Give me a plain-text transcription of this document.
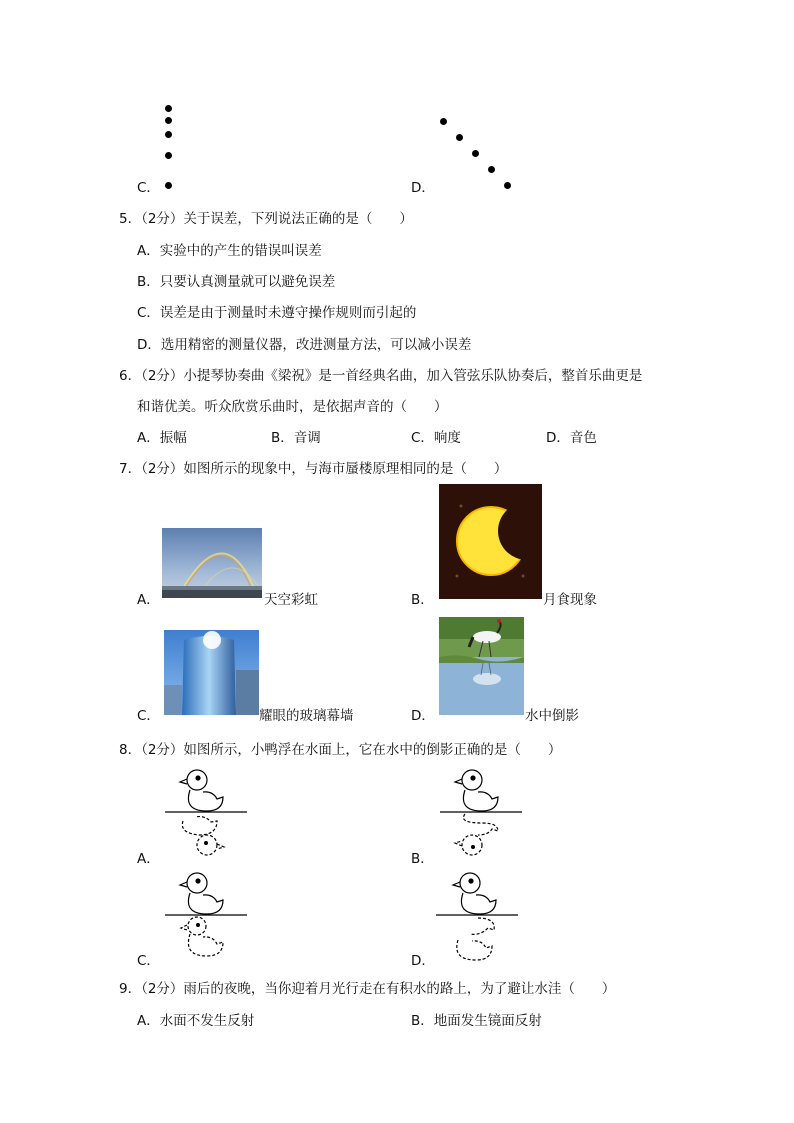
C．	D．
5．（2分）关于误差，下列说法正确的是（　　）
A．实验中的产生的错误叫误差
B．只要认真测量就可以避免误差
C．误差是由于测量时未遵守操作规则而引起的
D．选用精密的测量仪器，改进测量方法，可以减小误差
6．（2分）小提琴协奏曲《梁祝》是一首经典名曲，加入管弦乐队协奏后，整首乐曲更是
和谐优美。听众欣赏乐曲时，是依据声音的（　　）
A．振幅	B．音调	C．响度	D．音色
7．（2分）如图所示的现象中，与海市蜃楼原理相同的是（　　）
A．	天空彩虹	B．	月食现象
C．	耀眼的玻璃幕墙	D．	水中倒影
8．（2分）如图所示，小鸭浮在水面上，它在水中的倒影正确的是（　　）
A．	B．
C．	D．
9．（2分）雨后的夜晚，当你迎着月光行走在有积水的路上，为了避让水洼（　　）
A．水面不发生反射	B．地面发生镜面反射
